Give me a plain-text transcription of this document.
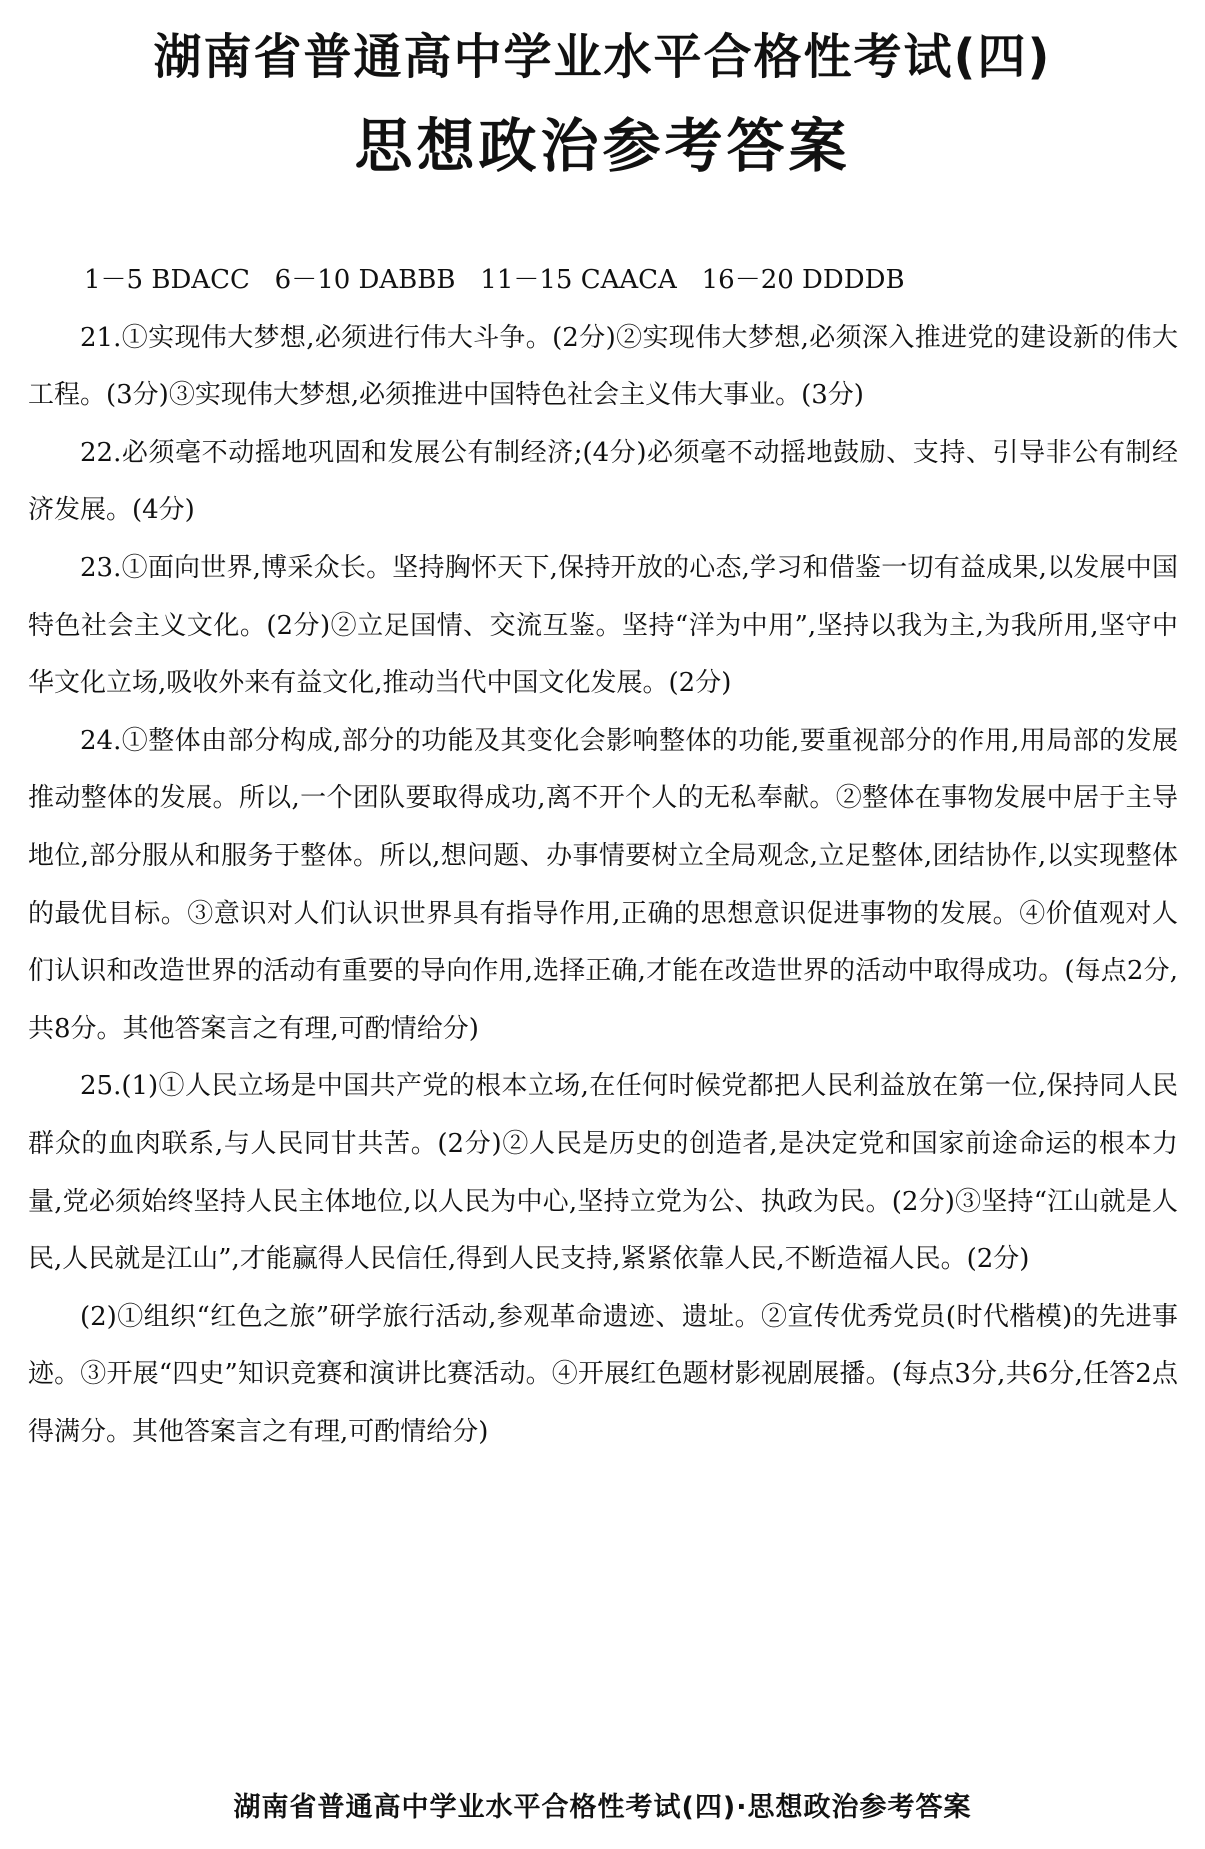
湖南省普通高中学业水平合格性考试(四)
思想政治参考答案

1－5 BDACC   6－10 DABBB   11－15 CAACA   16－20 DDDDB

21.①实现伟大梦想,必须进行伟大斗争。(2分)②实现伟大梦想,必须深入推进党的建设新的伟大工程。(3分)③实现伟大梦想,必须推进中国特色社会主义伟大事业。(3分)

22.必须毫不动摇地巩固和发展公有制经济;(4分)必须毫不动摇地鼓励、支持、引导非公有制经济发展。(4分)

23.①面向世界,博采众长。坚持胸怀天下,保持开放的心态,学习和借鉴一切有益成果,以发展中国特色社会主义文化。(2分)②立足国情、交流互鉴。坚持“洋为中用”,坚持以我为主,为我所用,坚守中华文化立场,吸收外来有益文化,推动当代中国文化发展。(2分)

24.①整体由部分构成,部分的功能及其变化会影响整体的功能,要重视部分的作用,用局部的发展推动整体的发展。所以,一个团队要取得成功,离不开个人的无私奉献。②整体在事物发展中居于主导地位,部分服从和服务于整体。所以,想问题、办事情要树立全局观念,立足整体,团结协作,以实现整体的最优目标。③意识对人们认识世界具有指导作用,正确的思想意识促进事物的发展。④价值观对人们认识和改造世界的活动有重要的导向作用,选择正确,才能在改造世界的活动中取得成功。(每点2分,共8分。其他答案言之有理,可酌情给分)

25.(1)①人民立场是中国共产党的根本立场,在任何时候党都把人民利益放在第一位,保持同人民群众的血肉联系,与人民同甘共苦。(2分)②人民是历史的创造者,是决定党和国家前途命运的根本力量,党必须始终坚持人民主体地位,以人民为中心,坚持立党为公、执政为民。(2分)③坚持“江山就是人民,人民就是江山”,才能赢得人民信任,得到人民支持,紧紧依靠人民,不断造福人民。(2分)

(2)①组织“红色之旅”研学旅行活动,参观革命遗迹、遗址。②宣传优秀党员(时代楷模)的先进事迹。③开展“四史”知识竞赛和演讲比赛活动。④开展红色题材影视剧展播。(每点3分,共6分,任答2点得满分。其他答案言之有理,可酌情给分)

湖南省普通高中学业水平合格性考试(四)·思想政治参考答案
